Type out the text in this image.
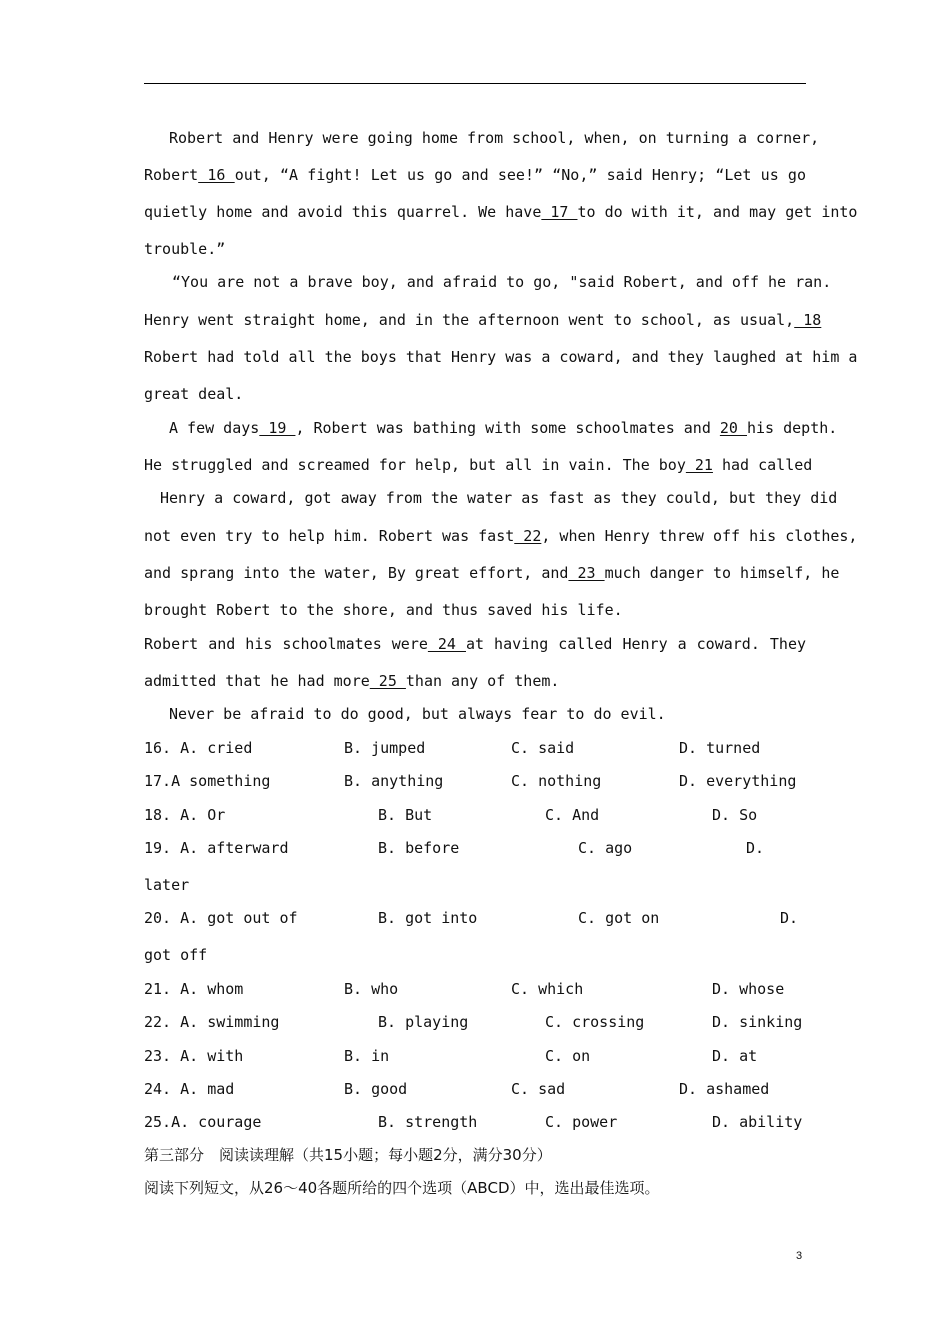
Robert and Henry were going home from school, when, on turning a corner,
Robert 16 out, “A fight! Let us go and see!” “No,” said Henry; “Let us go
quietly home and avoid this quarrel. We have 17 to do with it, and may get into
trouble.”
“You are not a brave boy, and afraid to go, "said Robert, and off he ran.
Henry went straight home, and in the afternoon went to school, as usual, 18
Robert had told all the boys that Henry was a coward, and they laughed at him a
great deal.
A few days 19 , Robert was bathing with some schoolmates and 20 his depth.
He struggled and screamed for help, but all in vain. The boy 21 had called
Henry a coward, got away from the water as fast as they could, but they did
not even try to help him. Robert was fast 22, when Henry threw off his clothes,
and sprang into the water, By great effort, and 23 much danger to himself, he
brought Robert to the shore, and thus saved his life.
Robert and his schoolmates were 24 at having called Henry a coward. They
admitted that he had more 25 than any of them.
Never be afraid to do good, but always fear to do evil.
16. A. cried	B. jumped	C. said	D. turned
17.A something	B. anything	C. nothing	D. everything
18. A. Or	B. But	C. And	D. So
19. A. afterward	B. before	C. ago	D.
later
20. A. got out of	B. got into	C. got on	D.
got off
21. A. whom	B. who	C. which	D. whose
22. A. swimming	B. playing	C. crossing	D. sinking
23. A. with	B. in	C. on	D. at
24. A. mad	B. good	C. sad	D. ashamed
25.A. courage	B. strength	C. power	D. ability
第三部分　阅读读理解（共15小题；每小题2分，满分30分）
阅读下列短文，从26～40各题所给的四个选项（ABCD）中，选出最佳选项。
3
